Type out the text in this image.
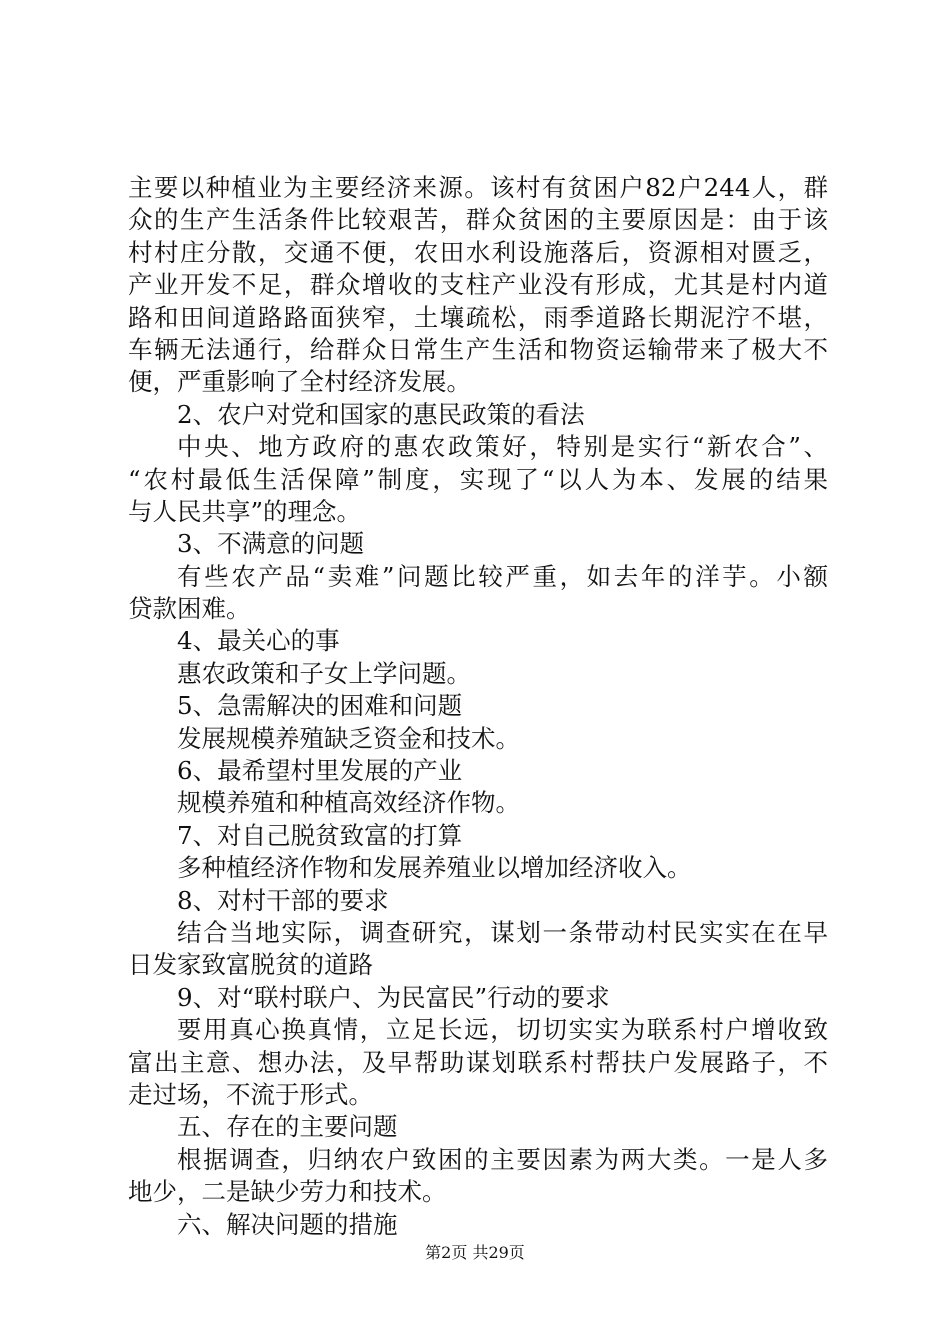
主要以种植业为主要经济来源。该村有贫困户82户244人，群
众的生产生活条件比较艰苦，群众贫困的主要原因是：由于该
村村庄分散，交通不便，农田水利设施落后，资源相对匮乏，
产业开发不足，群众增收的支柱产业没有形成，尤其是村内道
路和田间道路路面狭窄，土壤疏松，雨季道路长期泥泞不堪，
车辆无法通行，给群众日常生产生活和物资运输带来了极大不
便，严重影响了全村经济发展。
2、农户对党和国家的惠民政策的看法
中央、地方政府的惠农政策好，特别是实行“新农合”、
“农村最低生活保障”制度，实现了“以人为本、发展的结果
与人民共享”的理念。
3、不满意的问题
有些农产品“卖难”问题比较严重，如去年的洋芋。小额
贷款困难。
4、最关心的事
惠农政策和子女上学问题。
5、急需解决的困难和问题
发展规模养殖缺乏资金和技术。
6、最希望村里发展的产业
规模养殖和种植高效经济作物。
7、对自己脱贫致富的打算
多种植经济作物和发展养殖业以增加经济收入。
8、对村干部的要求
结合当地实际，调查研究，谋划一条带动村民实实在在早
日发家致富脱贫的道路
9、对“联村联户、为民富民”行动的要求
要用真心换真情，立足长远，切切实实为联系村户增收致
富出主意、想办法，及早帮助谋划联系村帮扶户发展路子，不
走过场，不流于形式。
五、存在的主要问题
根据调查，归纳农户致困的主要因素为两大类。一是人多
地少，二是缺少劳力和技术。
六、解决问题的措施
第2页 共29页
